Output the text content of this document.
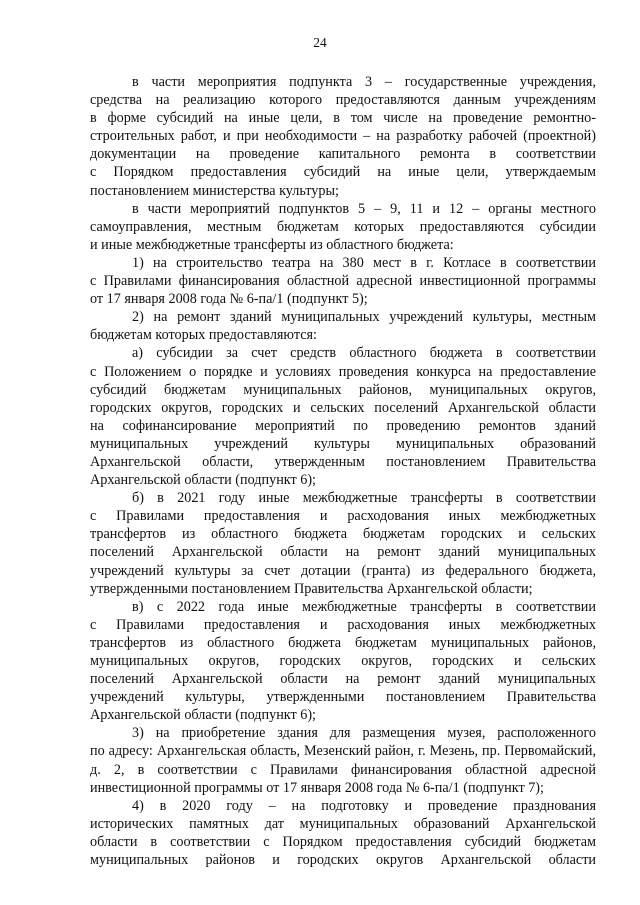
24
в части мероприятия подпункта 3 – государственные учреждения,
средства на реализацию которого предоставляются данным учреждениям
в форме субсидий на иные цели, в том числе на проведение ремонтно-
строительных работ, и при необходимости – на разработку рабочей (проектной)
документации на проведение капитального ремонта в соответствии
с Порядком предоставления субсидий на иные цели, утверждаемым
постановлением министерства культуры;
в части мероприятий подпунктов 5 – 9, 11 и 12 – органы местного
самоуправления, местным бюджетам которых предоставляются субсидии
и иные межбюджетные трансферты из областного бюджета:
1) на строительство театра на 380 мест в г. Котласе в соответствии
с Правилами финансирования областной адресной инвестиционной программы
от 17 января 2008 года № 6-па/1 (подпункт 5);
2) на ремонт зданий муниципальных учреждений культуры, местным
бюджетам которых предоставляются:
а) субсидии за счет средств областного бюджета в соответствии
с Положением о порядке и условиях проведения конкурса на предоставление
субсидий бюджетам муниципальных районов, муниципальных округов,
городских округов, городских и сельских поселений Архангельской области
на софинансирование мероприятий по проведению ремонтов зданий
муниципальных учреждений культуры муниципальных образований
Архангельской области, утвержденным постановлением Правительства
Архангельской области (подпункт 6);
б) в 2021 году иные межбюджетные трансферты в соответствии
с Правилами предоставления и расходования иных межбюджетных
трансфертов из областного бюджета бюджетам городских и сельских
поселений Архангельской области на ремонт зданий муниципальных
учреждений культуры за счет дотации (гранта) из федерального бюджета,
утвержденными постановлением Правительства Архангельской области;
в) с 2022 года иные межбюджетные трансферты в соответствии
с Правилами предоставления и расходования иных межбюджетных
трансфертов из областного бюджета бюджетам муниципальных районов,
муниципальных округов, городских округов, городских и сельских
поселений Архангельской области на ремонт зданий муниципальных
учреждений культуры, утвержденными постановлением Правительства
Архангельской области (подпункт 6);
3) на приобретение здания для размещения музея, расположенного
по адресу: Архангельская область, Мезенский район, г. Мезень, пр. Первомайский,
д. 2, в соответствии с Правилами финансирования областной адресной
инвестиционной программы от 17 января 2008 года № 6-па/1 (подпункт 7);
4) в 2020 году – на подготовку и проведение празднования
исторических памятных дат муниципальных образований Архангельской
области в соответствии с Порядком предоставления субсидий бюджетам
муниципальных районов и городских округов Архангельской области
